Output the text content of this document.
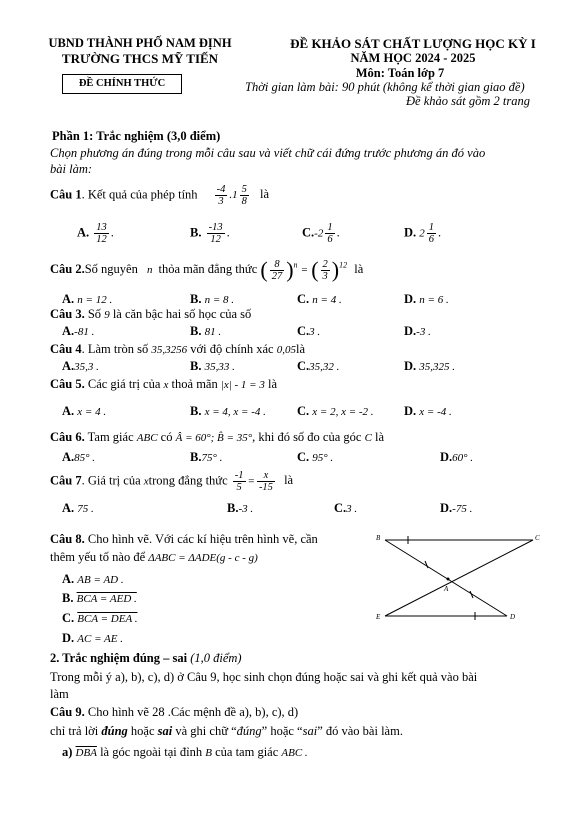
UBND THÀNH PHỐ NAM ĐỊNH
TRƯỜNG THCS MỸ TIẾN
ĐỀ CHÍNH THỨC
ĐỀ KHẢO SÁT CHẤT LƯỢNG HỌC KỲ I
NĂM HỌC 2024 - 2025
Môn: Toán lớp 7
Thời gian làm bài: 90 phút (không kể thời gian giao đề)
Đề khảo sát gồm 2 trang
Phần 1: Trắc nghiệm (3,0 điểm)
Chọn phương án đúng trong mỗi câu sau và viết chữ cái đứng trước phương án đó vào
bài làm:
Câu 1. Kết quả của phép tính $\frac{-4}{3} .1 \frac{5}{8}$ là
A. $\frac{13}{12}$ .	B. $\frac{-13}{12}$ .	$C.-2 \frac{1}{6}$ .	D. $2 \frac{1}{6}$ .
Câu 2.Số nguyên n thỏa mãn đẳng thức ( $\frac{8}{27} )^n$ = ( $\frac{2}{3} )^{12}$ là
A. n = 12 .	B. n = 8 .	C. n = 4 .	D. n = 6 .
Câu 3. Số 9 là căn bậc hai số học của số
A.-81 .	B. 81 .	C.3 .	D.-3 .
Câu 4. Làm tròn số 35,3256 với độ chính xác 0,05là
A.35,3 .	B. 35,33 .	C.35,32 .	D. 35,325 .
Câu 5. Các giá trị của x thoả mãn |x| - 1 = 3 là
A. x = 4 .	B. x = 4, x = -4 . C. x = 2, x = -2 . D. x = -4 .
Câu 6. Tam giác ABC có Â = 60°; B̂ = 35°, khi đó số đo của góc C là
A.85° .	B.75° .	C. 95° .	D.60° .
Câu 7. Giá trị của xtrong đẳng thức $\frac{-1}{5} = \frac{x}{-15}$ là
A. 75 .	B.-3 .	C.3 .	D.-75 .
Câu 8. Cho hình vẽ. Với các kí hiệu trên hình vẽ, cần
thêm yếu tố nào để ΔABC = ΔADE(g - c - g)
A. AB = AD .
B. BCA = AED .
C. BCA = DEA .
D. AC = AE .
B	C
A
E	D
2. Trắc nghiệm đúng – sai (1,0 điểm)
Trong mỗi ý a), b), c), d) ở Câu 9, học sinh chọn đúng hoặc sai và ghi kết quả vào bài
làm
Câu 9. Cho hình vẽ 28 .Các mệnh đề a), b), c), d)
chỉ trả lời đúng hoặc sai và ghi chữ “đúng” hoặc “sai” đó vào bài làm.
a) $\overline{DBA}$ là góc ngoài tại đỉnh B của tam giác ABC .
